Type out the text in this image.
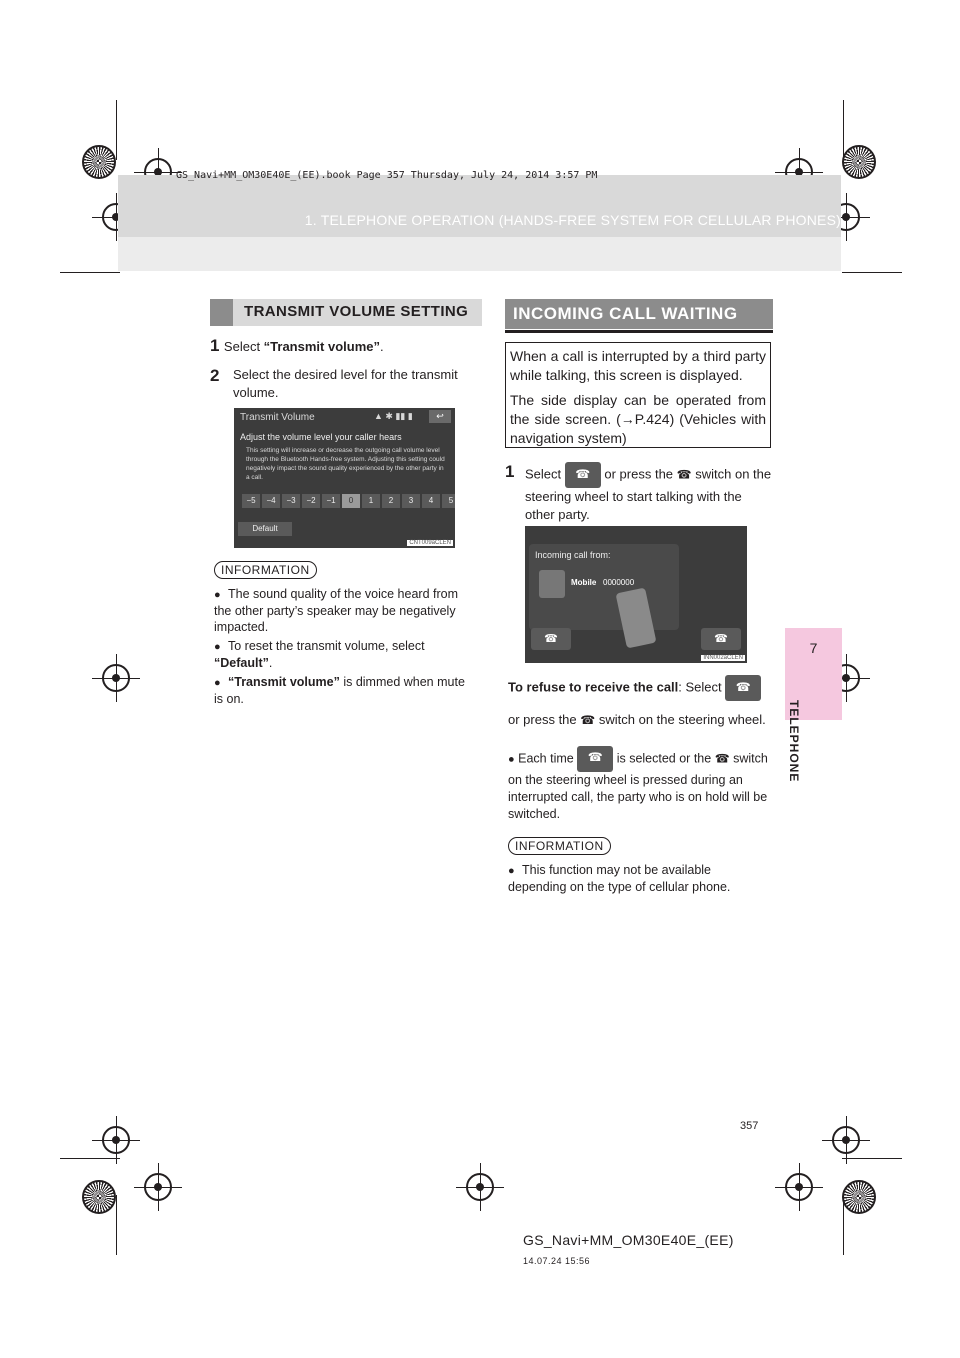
GS_Navi+MM_OM30E40E_(EE).book Page 357 Thursday, July 24, 2014 3:57 PM
1. TELEPHONE OPERATION (HANDS-FREE SYSTEM FOR CELLULAR PHONES)
7
TELEPHONE
TRANSMIT VOLUME SETTING
1 Select “Transmit volume”.
2	Select the desired level for the transmit volume.
Transmit Volume	▲ ✱ ▮▮ ▮	↩
Adjust the volume level your caller hears
This setting will increase or decrease the outgoing call volume level through the Bluetooth Hands-free system. Adjusting this setting could negatively impact the sound quality experienced by the other party in a call.
−5	−4	−3	−2	−1	0	1	2	3	4	5
Default
CNT009aCLEN
INFORMATION
● The sound quality of the voice heard from the other party’s speaker may be negatively impacted.
● To reset the transmit volume, select “Default”.
● “Transmit volume” is dimmed when mute is on.
INCOMING CALL WAITING

When a call is interrupted by a third party while talking, this screen is displayed.

The side display can be operated from the side screen. (→P.424) (Vehicles with navigation system)

1 Select ☎	or press the ☎ switch on the steering wheel to start talking with the other party.
Incoming call from:
Mobile 0000000
☎	☎
INN002aCLEN
To refuse to receive the call: Select ☎

or press the ☎ switch on the steering wheel.
● Each time ☎	is selected or the ☎ switch on the steering wheel is pressed during an interrupted call, the party who is on hold will be switched.
INFORMATION
● This function may not be available depending on the type of cellular phone.
357
GS_Navi+MM_OM30E40E_(EE)
14.07.24 15:56
